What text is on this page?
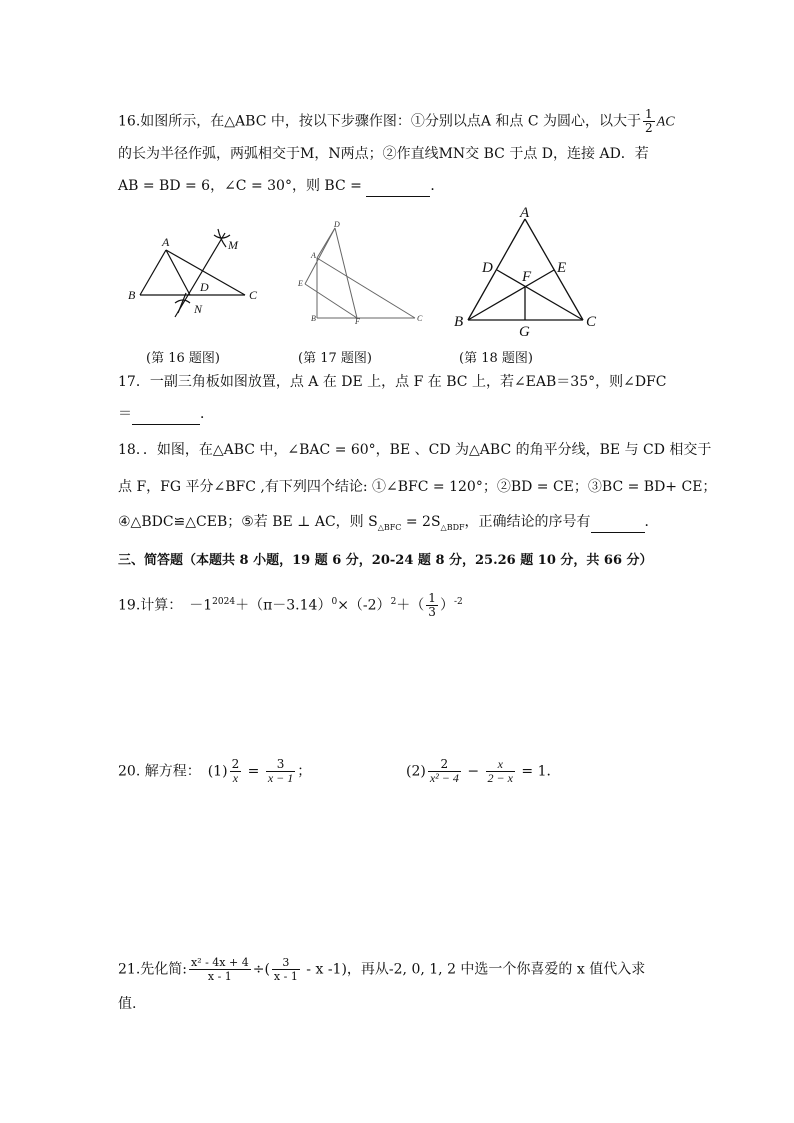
16.如图所示，在△ABC 中，按以下步骤作图：①分别以点A 和点 C 为圆心，以大于 $\frac{1}{2}$ AC
的长为半径作弧，两弧相交于M，N两点；②作直线MN交 BC 于点 D，连接 AD．若
AB = BD = 6，∠C = 30°，则 BC =	．
A
B	C
D
M
N
D
A
E
B	F	C
A
B	C
D	E
F
G
(第 16 题图)	(第 17 题图)	(第 18 题图)
17．一副三角板如图放置，点 A 在 DE 上，点 F 在 BC 上，若∠EAB＝35°，则∠DFC
＝	．
18．．如图，在△ABC 中，∠BAC = 60°，BE 、CD 为△ABC 的角平分线，BE 与 CD 相交于
点 F，FG 平分∠BFC ,有下列四个结论: ①∠BFC = 120°；②BD = CE；③BC = BD+ CE；
④△BDC≌△CEB；⑤若 BE ⊥ AC，则 $S_{\triangle BFC} = 2S_{\triangle BDF}$，正确结论的序号有	．
三、简答题（本题共 8 小题，19 题 6 分，20-24 题 8 分，25.26 题 10 分，共 66 分）
19.计算：　$-1^{2024}+(\pi-3.14)^0\times(-2)^2+( \frac{1}{3} )^{-2}$
20. 解方程：　 $(1) \frac{2}{x} = \frac{3}{x - 1}$ ；	$(2) \frac{2}{\text{x² − 4}} - \frac{x}{2 - x} = 1$．
21.先化简: $\frac{\text{x² - 4x + 4}}{x - 1}$ ÷( $\frac{3}{x - 1}$ - x -1)，再从-2, 0, 1, 2 中选一个你喜爱的 x 值代入求
值.
